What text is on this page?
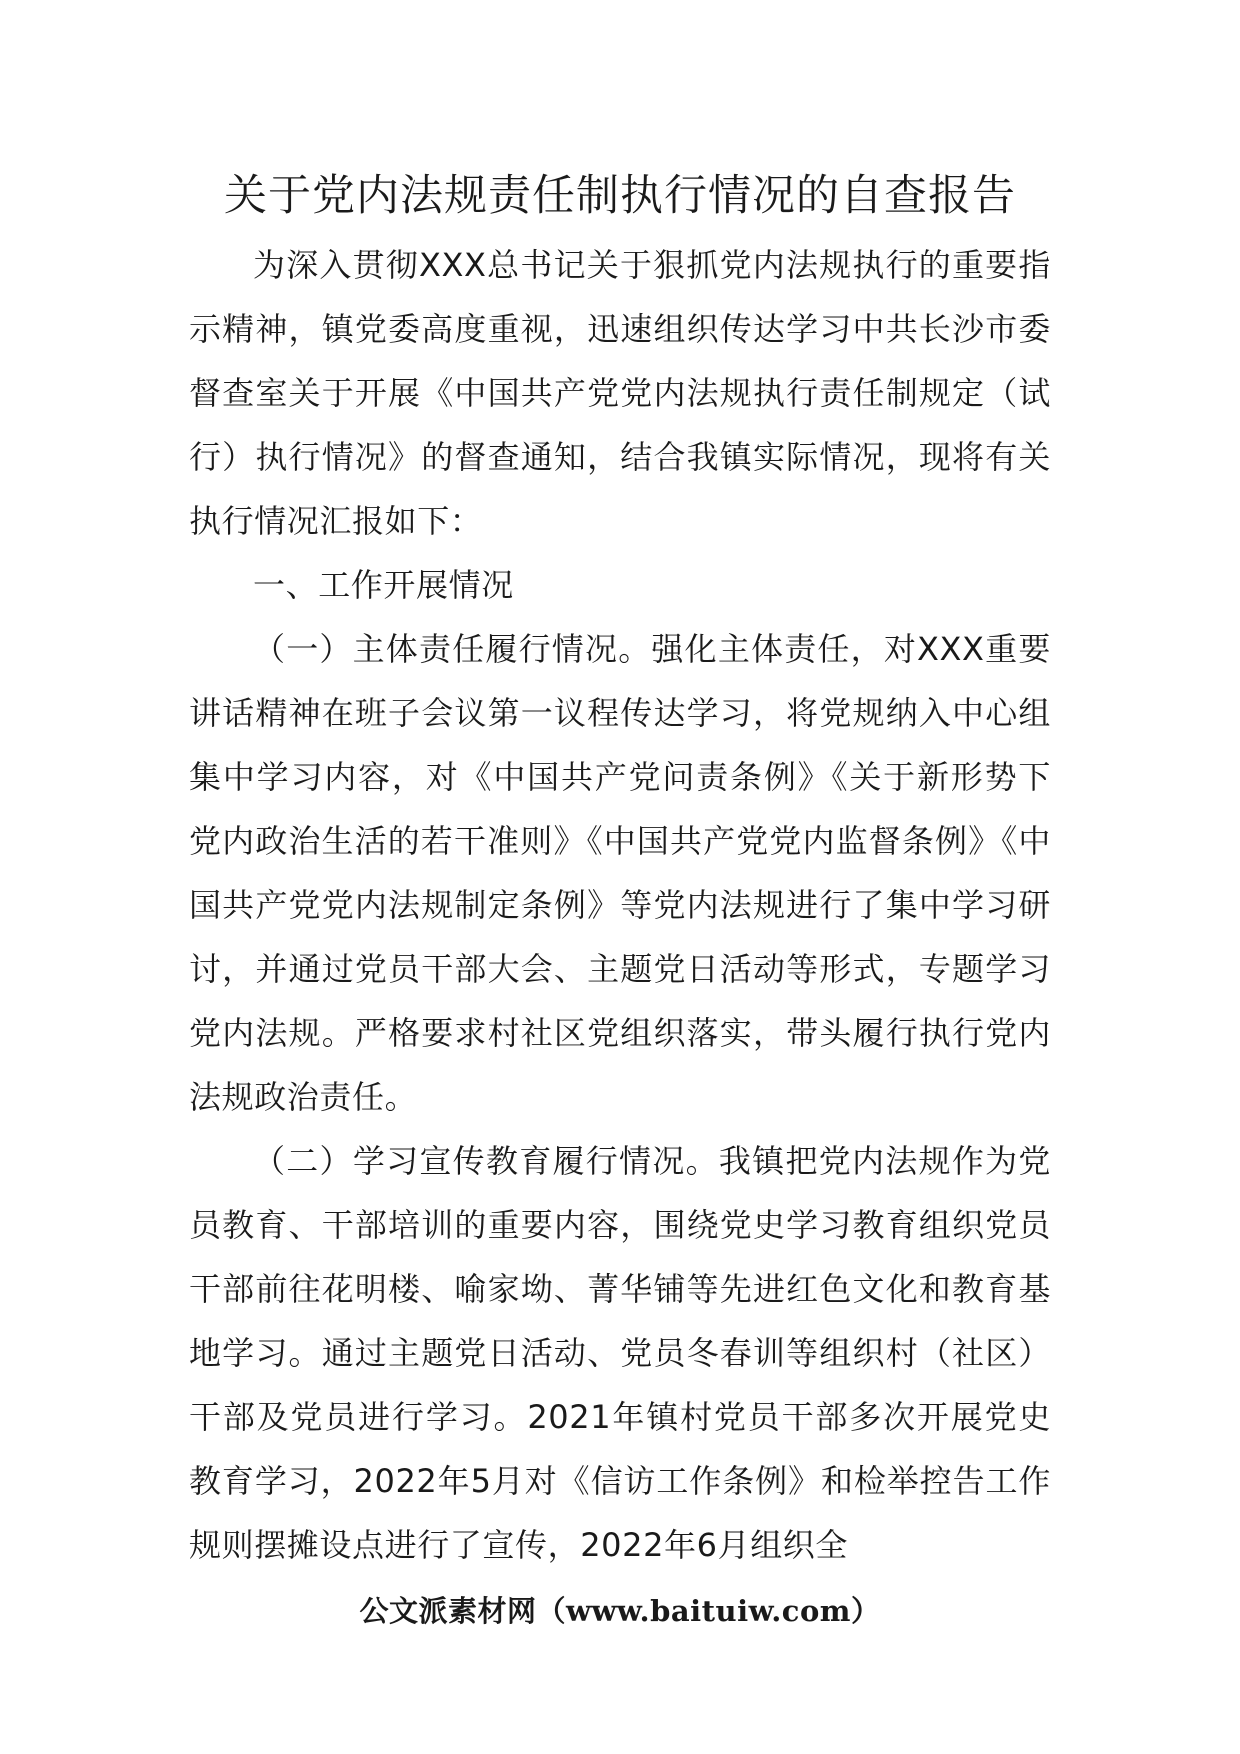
关于党内法规责任制执行情况的自查报告

为深入贯彻XXX总书记关于狠抓党内法规执行的重要指示精神，镇党委高度重视，迅速组织传达学习中共长沙市委督查室关于开展《中国共产党党内法规执行责任制规定（试行）执行情况》的督查通知，结合我镇实际情况，现将有关执行情况汇报如下：

一、工作开展情况

（一）主体责任履行情况。强化主体责任，对XXX重要讲话精神在班子会议第一议程传达学习，将党规纳入中心组集中学习内容，对《中国共产党问责条例》《关于新形势下党内政治生活的若干准则》《中国共产党党内监督条例》《中国共产党党内法规制定条例》等党内法规进行了集中学习研讨，并通过党员干部大会、主题党日活动等形式，专题学习党内法规。严格要求村社区党组织落实，带头履行执行党内法规政治责任。

（二）学习宣传教育履行情况。我镇把党内法规作为党员教育、干部培训的重要内容，围绕党史学习教育组织党员干部前往花明楼、喻家坳、菁华铺等先进红色文化和教育基地学习。通过主题党日活动、党员冬春训等组织村（社区）干部及党员进行学习。2021年镇村党员干部多次开展党史教育学习，2022年5月对《信访工作条例》和检举控告工作规则摆摊设点进行了宣传，2022年6月组织全

公文派素材网（www.baituiw.com）
